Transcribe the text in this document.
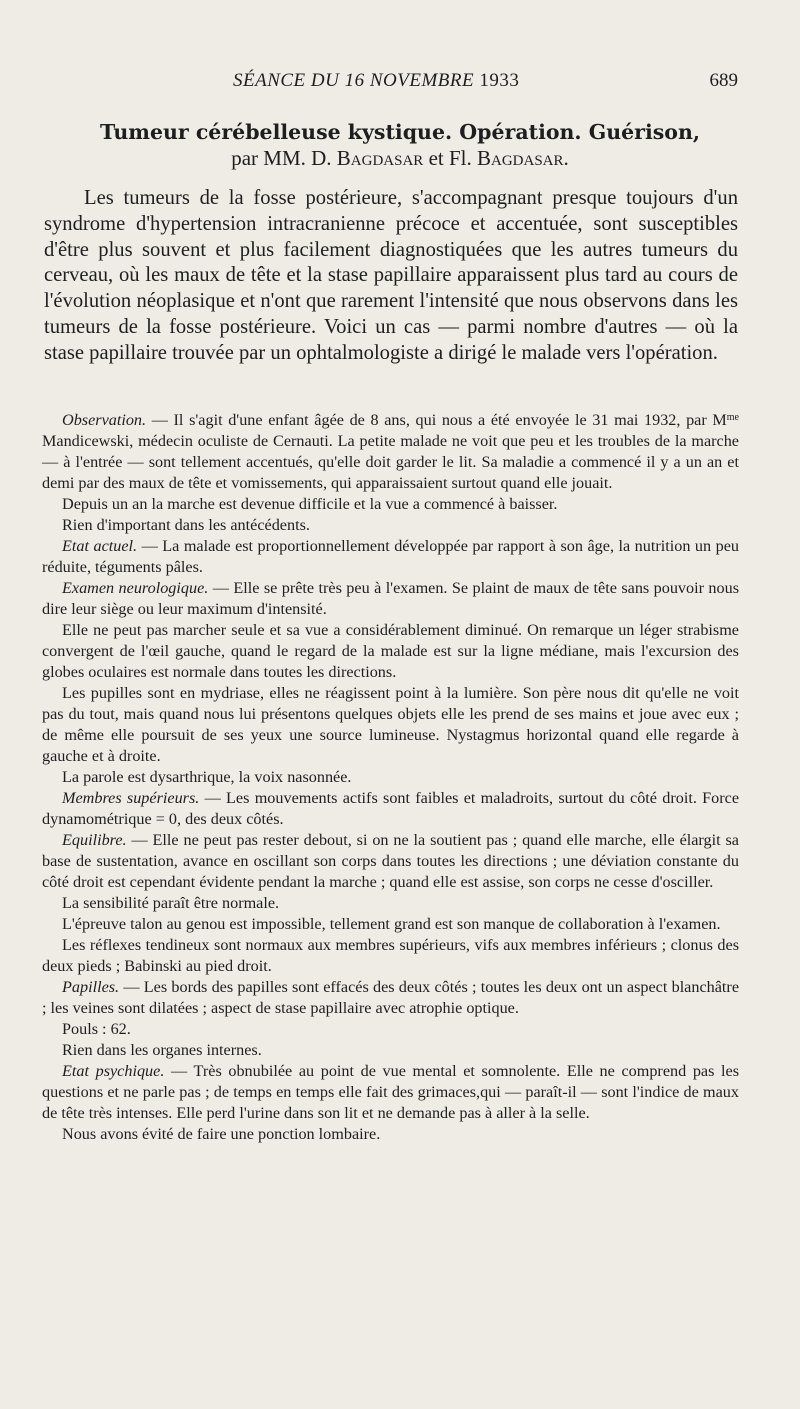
SÉANCE DU 16 NOVEMBRE 1933	689
Tumeur cérébelleuse kystique. Opération. Guérison,
par MM. D. Bagdasar et Fl. Bagdasar.

Les tumeurs de la fosse postérieure, s'accompagnant presque toujours d'un syndrome d'hypertension intracranienne précoce et accentuée, sont susceptibles d'être plus souvent et plus facilement diagnostiquées que les autres tumeurs du cerveau, où les maux de tête et la stase papillaire apparaissent plus tard au cours de l'évolution néoplasique et n'ont que rarement l'intensité que nous observons dans les tumeurs de la fosse postérieure. Voici un cas — parmi nombre d'autres — où la stase papillaire trouvée par un ophtalmologiste a dirigé le malade vers l'opération.

Observation. — Il s'agit d'une enfant âgée de 8 ans, qui nous a été envoyée le 31 mai 1932, par $M^{me}$ Mandicewski, médecin oculiste de Cernauti. La petite malade ne voit que peu et les troubles de la marche — à l'entrée — sont tellement accentués, qu'elle doit garder le lit. Sa maladie a commencé il y a un an et demi par des maux de tête et vomissements, qui apparaissaient surtout quand elle jouait.

Depuis un an la marche est devenue difficile et la vue a commencé à baisser.

Rien d'important dans les antécédents.

Etat actuel. — La malade est proportionnellement développée par rapport à son âge, la nutrition un peu réduite, téguments pâles.

Examen neurologique. — Elle se prête très peu à l'examen. Se plaint de maux de tête sans pouvoir nous dire leur siège ou leur maximum d'intensité.

Elle ne peut pas marcher seule et sa vue a considérablement diminué. On remarque un léger strabisme convergent de l'œil gauche, quand le regard de la malade est sur la ligne médiane, mais l'excursion des globes oculaires est normale dans toutes les directions.

Les pupilles sont en mydriase, elles ne réagissent point à la lumière. Son père nous dit qu'elle ne voit pas du tout, mais quand nous lui présentons quelques objets elle les prend de ses mains et joue avec eux ; de même elle poursuit de ses yeux une source lumineuse. Nystagmus horizontal quand elle regarde à gauche et à droite.

La parole est dysarthrique, la voix nasonnée.

Membres supérieurs. — Les mouvements actifs sont faibles et maladroits, surtout du côté droit. Force dynamométrique = 0, des deux côtés.

Equilibre. — Elle ne peut pas rester debout, si on ne la soutient pas ; quand elle marche, elle élargit sa base de sustentation, avance en oscillant son corps dans toutes les directions ; une déviation constante du côté droit est cependant évidente pendant la marche ; quand elle est assise, son corps ne cesse d'osciller.

La sensibilité paraît être normale.

L'épreuve talon au genou est impossible, tellement grand est son manque de collaboration à l'examen.

Les réflexes tendineux sont normaux aux membres supérieurs, vifs aux membres inférieurs ; clonus des deux pieds ; Babinski au pied droit.

Papilles. — Les bords des papilles sont effacés des deux côtés ; toutes les deux ont un aspect blanchâtre ; les veines sont dilatées ; aspect de stase papillaire avec atrophie optique.

Pouls : 62.

Rien dans les organes internes.

Etat psychique. — Très obnubilée au point de vue mental et somnolente. Elle ne comprend pas les questions et ne parle pas ; de temps en temps elle fait des grimaces,qui — paraît-il — sont l'indice de maux de tête très intenses. Elle perd l'urine dans son lit et ne demande pas à aller à la selle.

Nous avons évité de faire une ponction lombaire.
